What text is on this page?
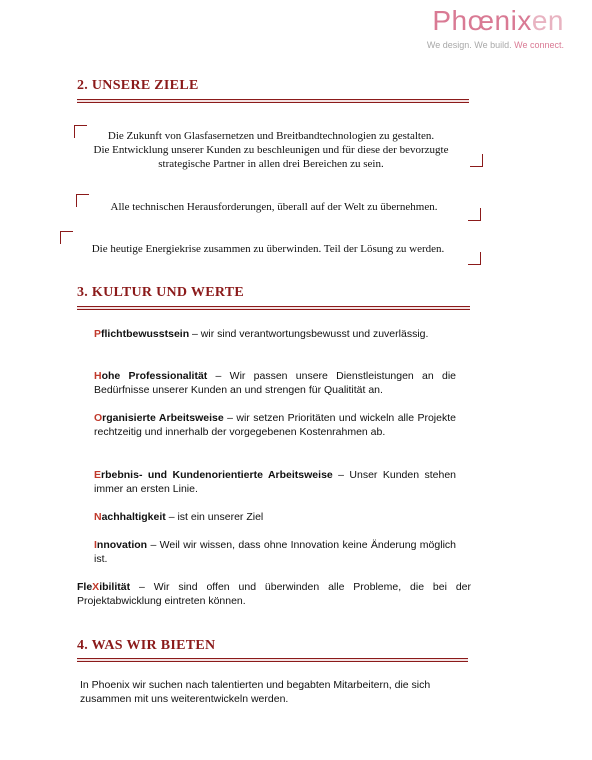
Phœnixen
We design. We build. We connect.
2. UNSERE ZIELE
Die Zukunft von Glasfasernetzen und Breitbandtechnologien zu gestalten.
Die Entwicklung unserer Kunden zu beschleunigen und für diese der bevorzugte
strategische Partner in allen drei Bereichen zu sein.
Alle technischen Herausforderungen, überall auf der Welt zu übernehmen.
Die heutige Energiekrise zusammen zu überwinden. Teil der Lösung zu werden.
3. KULTUR UND WERTE
Pflichtbewusstsein – wir sind verantwortungsbewusst und zuverlässig.
Hohe Professionalität – Wir passen unsere Dienstleistungen an die Bedürfnisse unserer Kunden an und strengen für Qualitität an.
Organisierte Arbeitsweise – wir setzen Prioritäten und wickeln alle Projekte rechtzeitig und innerhalb der vorgegebenen Kostenrahmen ab.
Erbebnis- und Kundenorientierte Arbeitsweise – Unser Kunden stehen immer an ersten Linie.
Nachhaltigkeit – ist ein unserer Ziel
Innovation – Weil wir wissen, dass ohne Innovation keine Änderung möglich ist.
FleXibilität – Wir sind offen und überwinden alle Probleme, die bei der Projektabwicklung eintreten können.
4. WAS WIR BIETEN
In Phoenix wir suchen nach talentierten und begabten Mitarbeitern, die sich
zusammen mit uns weiterentwickeln werden.
